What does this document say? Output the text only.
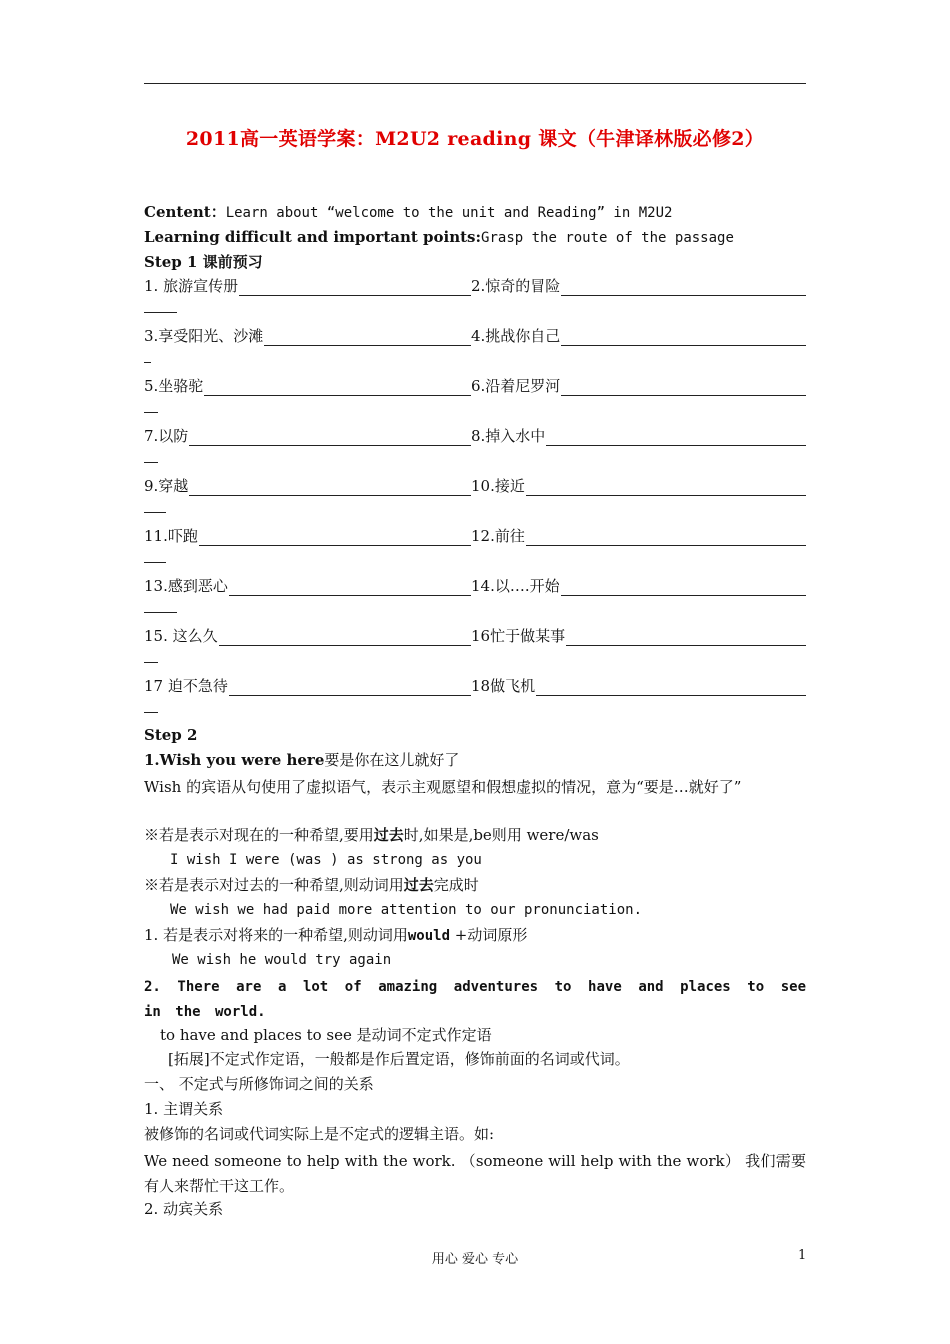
2011高一英语学案：M2U2 reading 课文（牛津译林版必修2）
Centent：Learn about “welcome to the unit and Reading” in M2U2
Learning difficult and important points:Grasp the route of the passage
Step 1 课前预习
1. 旅游宣传册	2.惊奇的冒险
3.享受阳光、沙滩	4.挑战你自己
5.坐骆驼	6.沿着尼罗河
7.以防	8.掉入水中
9.穿越	10.接近
11.吓跑	12.前往
13.感到恶心	14.以….开始
15. 这么久	16忙于做某事
17 迫不急待	18做飞机
Step 2
1.Wish you were here要是你在这儿就好了
Wish 的宾语从句使用了虚拟语气，表示主观愿望和假想虚拟的情况，意为“要是…就好了”
※若是表示对现在的一种希望,要用过去时,如果是,be则用 were/was
I wish I were (was ) as strong as you
※若是表示对过去的一种希望,则动词用过去完成时
We wish we had paid more attention to our pronunciation.
1. 若是表示对将来的一种希望,则动词用would +动词原形
We wish he would try again
2. There are a lot of amazing adventures to have and places to see in the world.
to have and places to see 是动词不定式作定语
[拓展]不定式作定语，一般都是作后置定语，修饰前面的名词或代词。
一、 不定式与所修饰词之间的关系
1. 主谓关系
被修饰的名词或代词实际上是不定式的逻辑主语。如:
We need someone to help with the work. （someone will help with the work） 我们需要有人来帮忙干这工作。
2. 动宾关系
用心 爱心 专心	1
